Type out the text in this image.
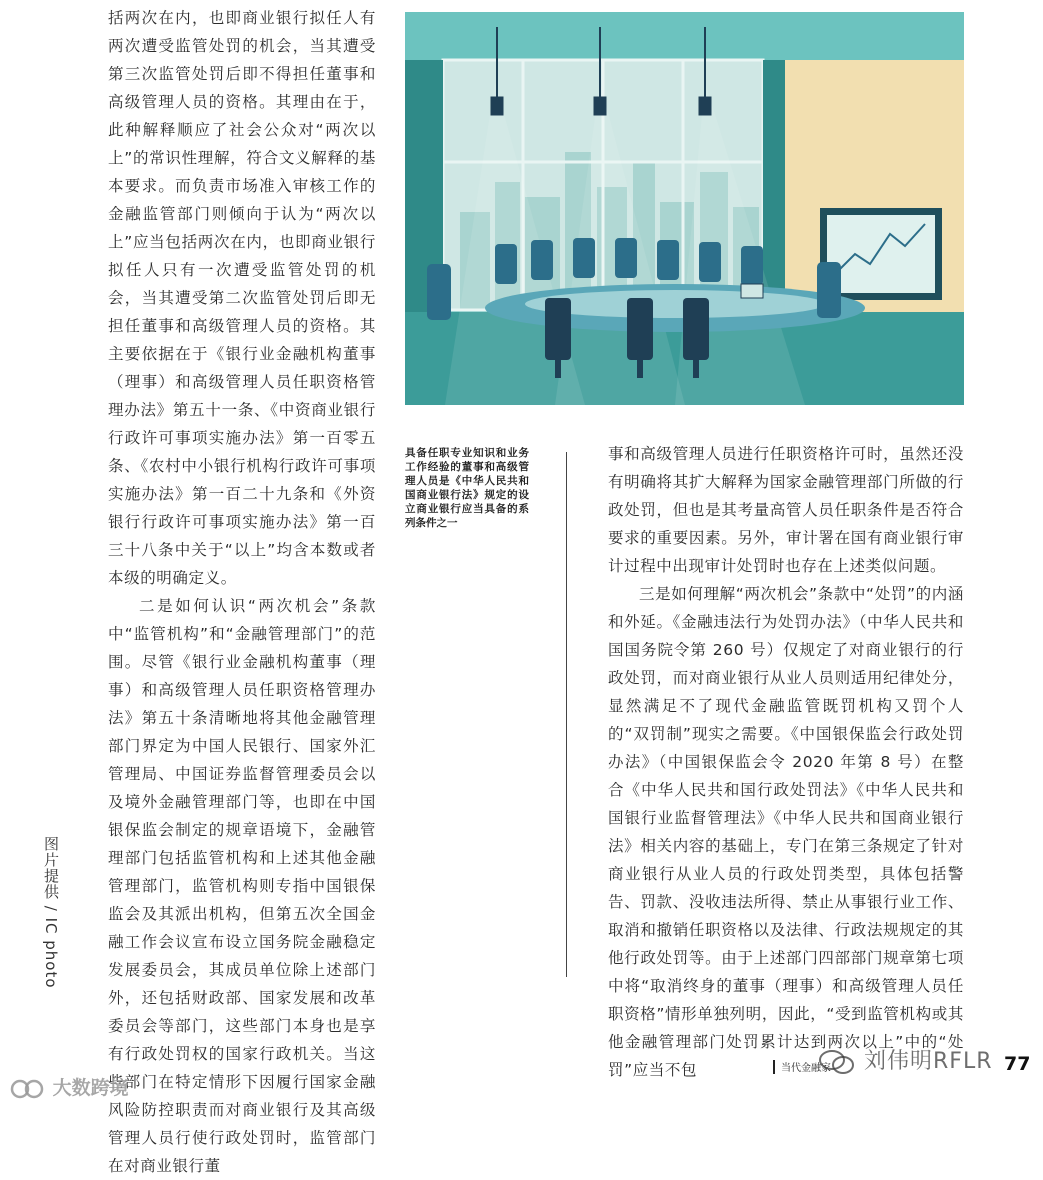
括两次在内，也即商业银行拟任人有两次遭受监管处罚的机会，当其遭受第三次监管处罚后即不得担任董事和高级管理人员的资格。其理由在于，此种解释顺应了社会公众对“两次以上”的常识性理解，符合文义解释的基本要求。而负责市场准入审核工作的金融监管部门则倾向于认为“两次以上”应当包括两次在内，也即商业银行拟任人只有一次遭受监管处罚的机会，当其遭受第二次监管处罚后即无担任董事和高级管理人员的资格。其主要依据在于《银行业金融机构董事（理事）和高级管理人员任职资格管理办法》第五十一条、《中资商业银行行政许可事项实施办法》第一百零五条、《农村中小银行机构行政许可事项实施办法》第一百二十九条和《外资银行行政许可事项实施办法》第一百三十八条中关于“以上”均含本数或者本级的明确定义。

二是如何认识“两次机会”条款中“监管机构”和“金融管理部门”的范围。尽管《银行业金融机构董事（理事）和高级管理人员任职资格管理办法》第五十条清晰地将其他金融管理部门界定为中国人民银行、国家外汇管理局、中国证券监督管理委员会以及境外金融管理部门等，也即在中国银保监会制定的规章语境下，金融管理部门包括监管机构和上述其他金融管理部门，监管机构则专指中国银保监会及其派出机构，但第五次全国金融工作会议宣布设立国务院金融稳定发展委员会，其成员单位除上述部门外，还包括财政部、国家发展和改革委员会等部门，这些部门本身也是享有行政处罚权的国家行政机关。当这些部门在特定情形下因履行国家金融风险防控职责而对商业银行及其高级管理人员行使行政处罚时，监管部门在对商业银行董

具备任职专业知识和业务工作经验的董事和高级管理人员是《中华人民共和国商业银行法》规定的设立商业银行应当具备的系列条件之一

事和高级管理人员进行任职资格许可时，虽然还没有明确将其扩大解释为国家金融管理部门所做的行政处罚，但也是其考量高管人员任职条件是否符合要求的重要因素。另外，审计署在国有商业银行审计过程中出现审计处罚时也存在上述类似问题。

三是如何理解“两次机会”条款中“处罚”的内涵和外延。《金融违法行为处罚办法》（中华人民共和国国务院令第 260 号）仅规定了对商业银行的行政处罚，而对商业银行从业人员则适用纪律处分，显然满足不了现代金融监管既罚机构又罚个人的“双罚制”现实之需要。《中国银保监会行政处罚办法》（中国银保监会令 2020 年第 8 号）在整合《中华人民共和国行政处罚法》《中华人民共和国银行业监督管理法》《中华人民共和国商业银行法》相关内容的基础上，专门在第三条规定了针对商业银行从业人员的行政处罚类型，具体包括警告、罚款、没收违法所得、禁止从事银行业工作、取消和撤销任职资格以及法律、行政法规规定的其他行政处罚等。由于上述部门四部部门规章第七项中将“取消终身的董事（理事）和高级管理人员任职资格”情形单独列明，因此，“受到监管机构或其他金融管理部门处罚累计达到两次以上”中的“处罚”应当不包

图片提供 / IC photo
当代金融家	77
刘伟明RFLR
大数跨境
